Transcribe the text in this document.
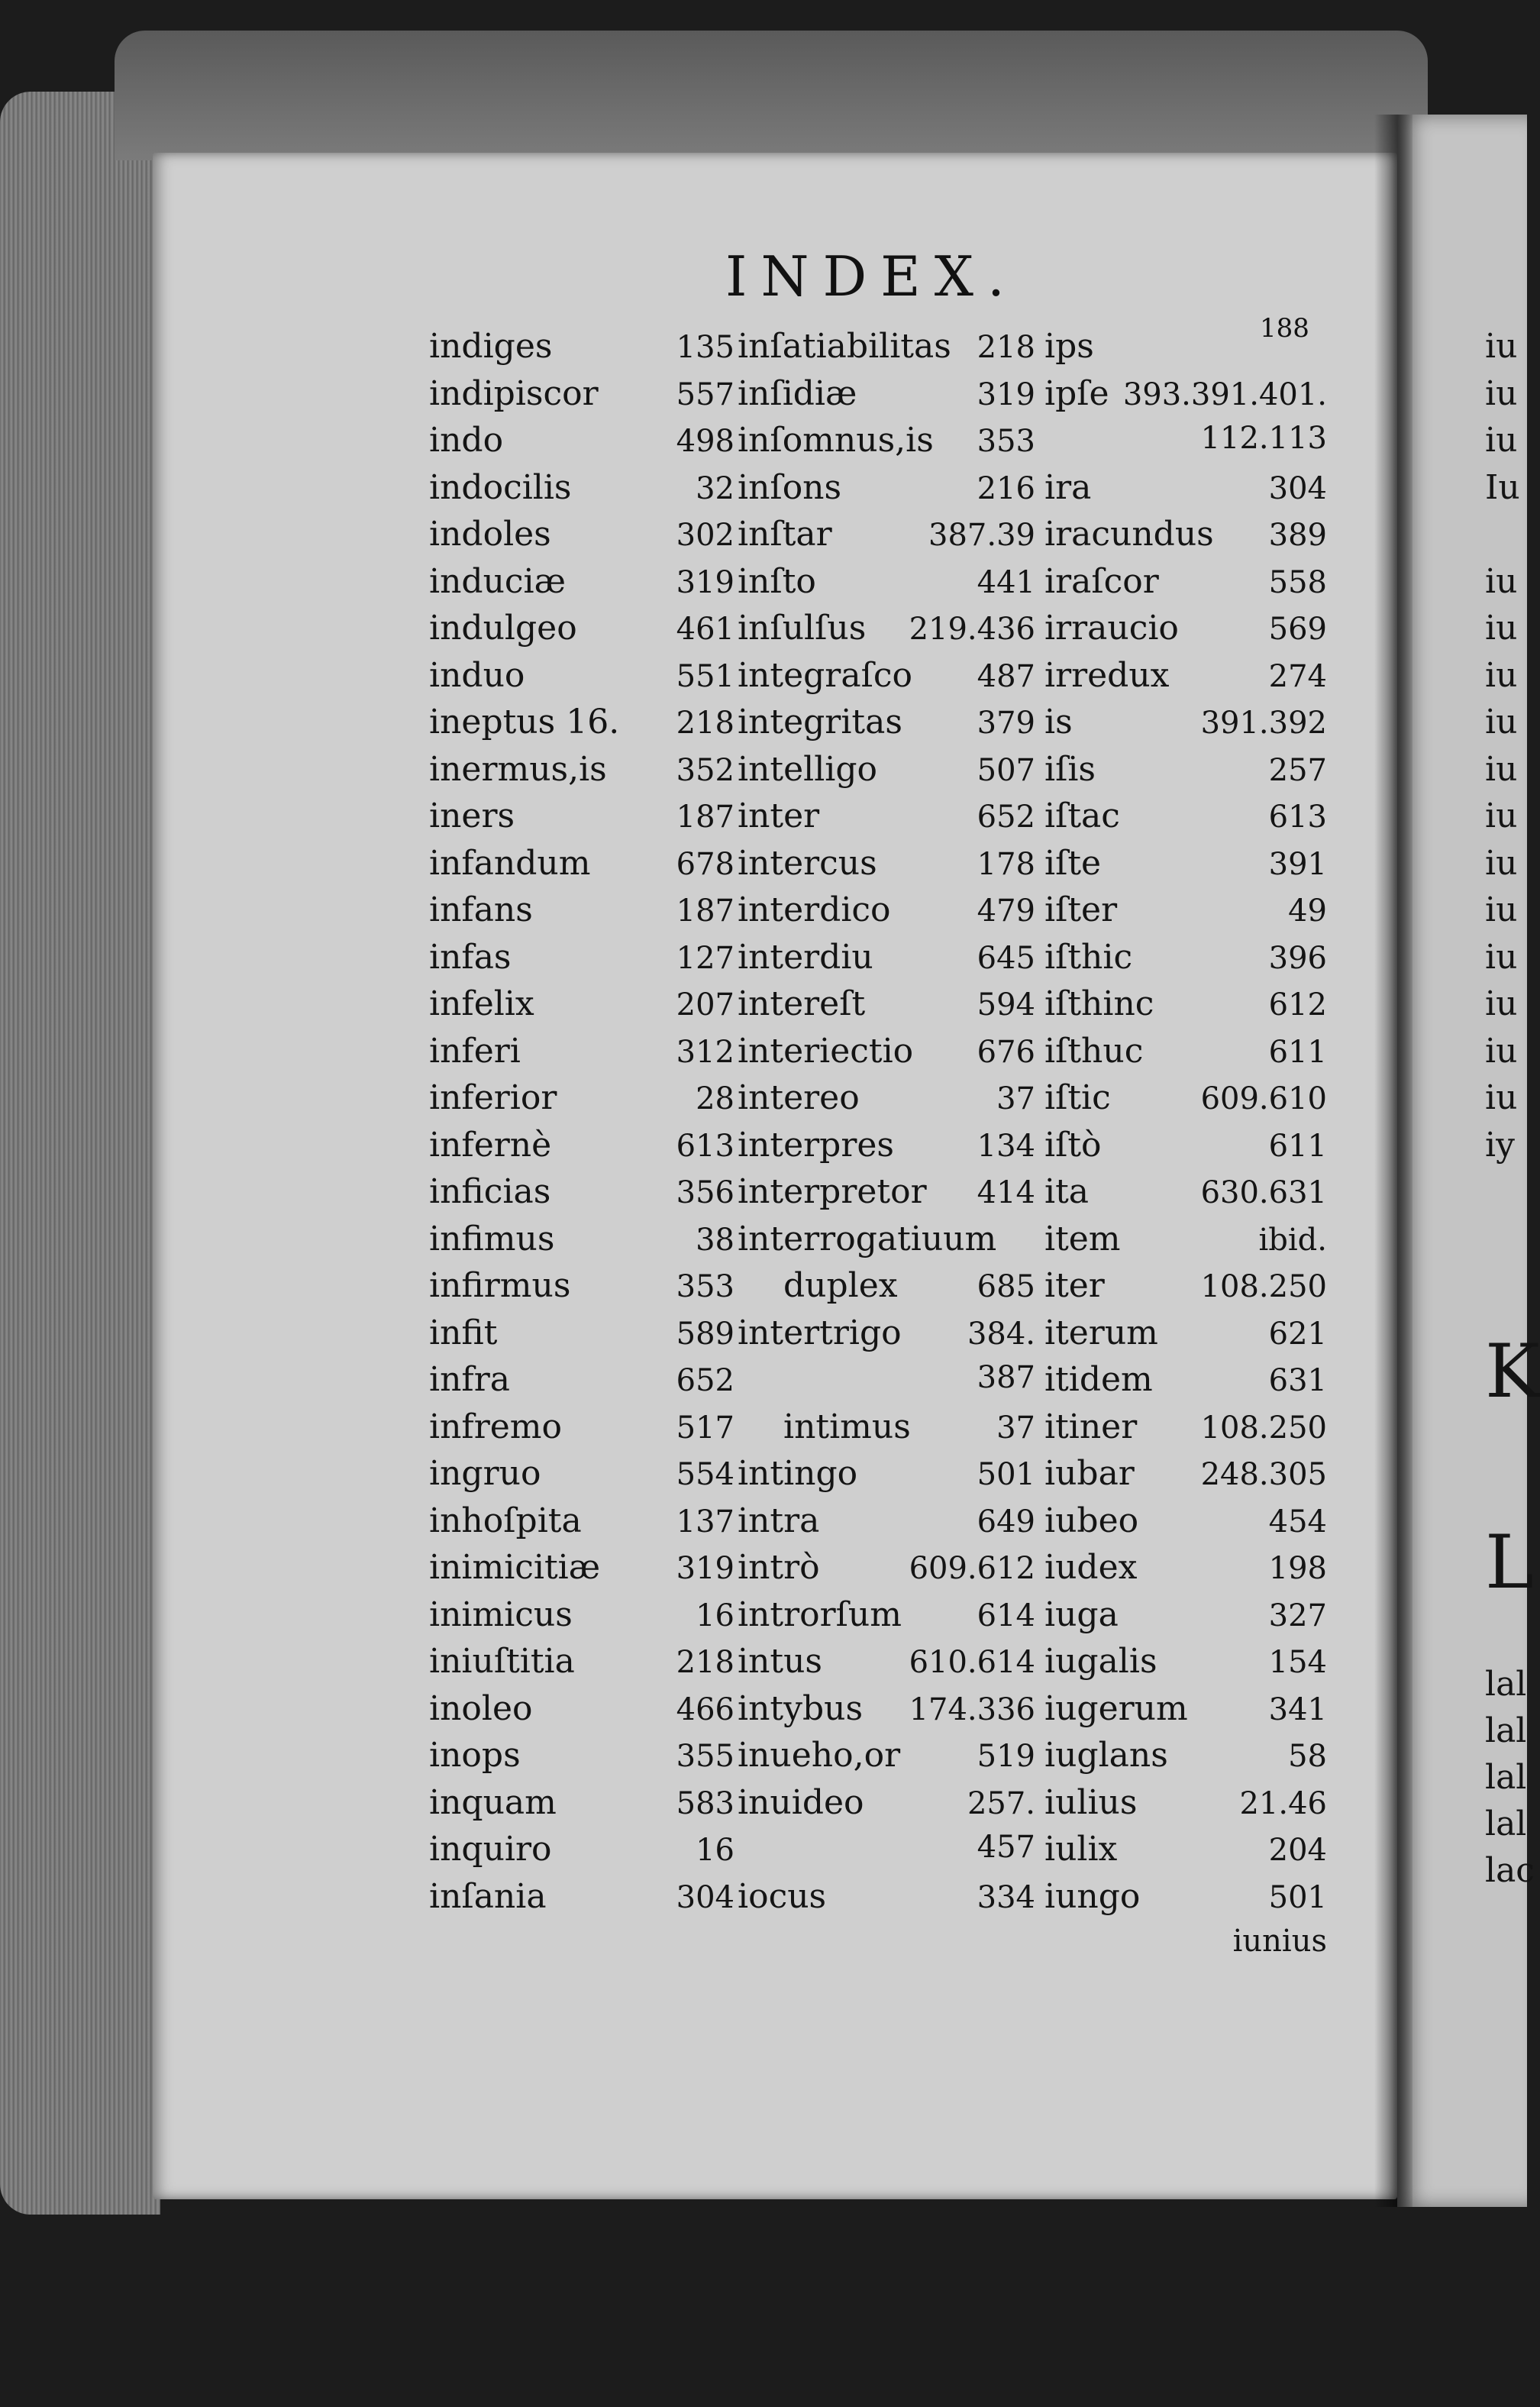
INDEX.
188
indiges	135
indipiscor	557
indo	498
indocilis	32
indoles	302
induciæ	319
indulgeo	461
induo	551
ineptus 16. 218
inermus,is 352
iners	187
infandum	678
infans	187
infas	127
infelix	207
inferi	312
inferior	28
infernè	613
inficias	356
infimus	38
infirmus	353
infit	589
infra	652
infremo	517
ingruo	554
inhoſpita	137
inimicitiæ 319
inimicus	16
iniuſtitia	218
inoleo	466
inops	355
inquam	583
inquiro	16
inſania	304
inſatiabilitas 218
inſidiæ	319
inſomnus,is 353
inſons	216
inſtar	387.39
inſto	441
inſulſus 219.436
integraſco 487
integritas 379
intelligo	507
inter	652
intercus	178
interdico	479
interdiu	645
intereſt	594
interiectio 676
intereo	37
interpres	134
interpretor 414
interrogatiuum
duplex	685
intertrigo 384.
387
intimus	37
intingo	501
intra	649
intrò	609.612
introrſum 614
intus	610.614
intybus 174.336
inueho,or	519
inuideo	257.
457
iocus	334
ips
ipſe 393.391.401.
112.113
ira	304
iracundus 389
iraſcor	558
irraucio	569
irredux	274
is	391.392
iſis	257
iſtac	613
iſte	391
iſter	49
iſthic	396
iſthinc	612
iſthuc	611
iſtic	609.610
iſtò	611
ita	630.631
item	ibid.
iter	108.250
iterum	621
itidem	631
itiner 108.250
iubar 248.305
iubeo	454
iudex	198
iuga	327
iugalis	154
iugerum	341
iuglans	58
iulius	21.46
iulix	204
iungo	501
iunius
iu
iu
iu
Iu
iu
iu
iu
iu
iu
iu
iu
iu
iu
iu
iu
iu
iy
K
L
lal
lal
lal
lal
lac
